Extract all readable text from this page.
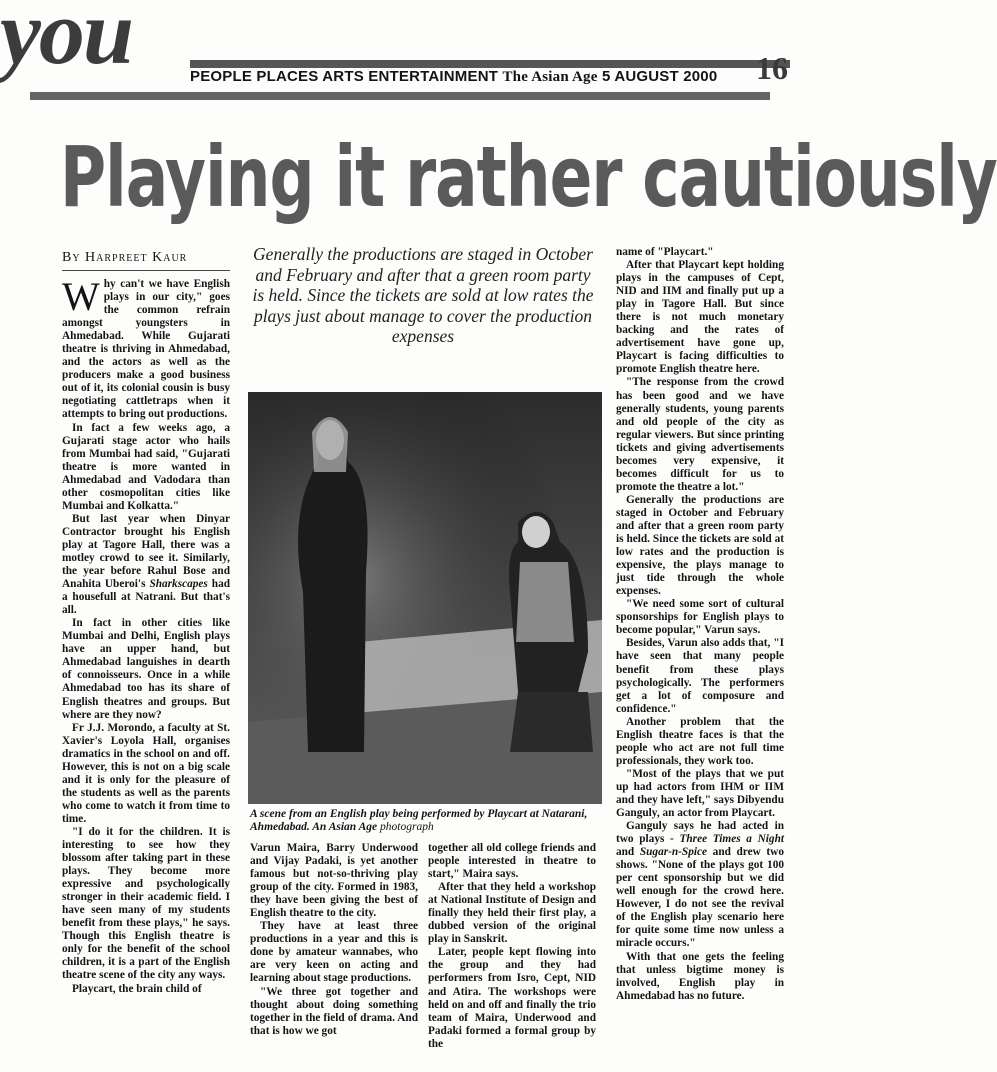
you	PEOPLE PLACES ARTS ENTERTAINMENT The Asian Age 5 AUGUST 2000 16
Playing it rather cautiously
By Harpreet Kaur

Why can't we have English plays in our city," goes the common refrain amongst youngsters in Ahmedabad. While Gujarati theatre is thriving in Ahmedabad, and the actors as well as the producers make a good business out of it, its colonial cousin is busy negotiating cattletraps when it attempts to bring out productions.

In fact a few weeks ago, a Gujarati stage actor who hails from Mumbai had said, "Gujarati theatre is more wanted in Ahmedabad and Vadodara than other cosmopolitan cities like Mumbai and Kolkatta."

But last year when Dinyar Contractor brought his English play at Tagore Hall, there was a motley crowd to see it. Similarly, the year before Rahul Bose and Anahita Uberoi's Sharkscapes had a housefull at Natrani. But that's all.

In fact in other cities like Mumbai and Delhi, English plays have an upper hand, but Ahmedabad languishes in dearth of connoisseurs. Once in a while Ahmedabad too has its share of English theatres and groups. But where are they now?

Fr J.J. Morondo, a faculty at St. Xavier's Loyola Hall, organises dramatics in the school on and off. However, this is not on a big scale and it is only for the pleasure of the students as well as the parents who come to watch it from time to time.

"I do it for the children. It is interesting to see how they blossom after taking part in these plays. They become more expressive and psychologically stronger in their academic field. I have seen many of my students benefit from these plays," he says. Though this English theatre is only for the benefit of the school children, it is a part of the English theatre scene of the city any ways.

Playcart, the brain child of

Generally the productions are staged in October and February and after that a green room party is held. Since the tickets are sold at low rates the plays just about manage to cover the production expenses
A scene from an English play being performed by Playcart at Natarani, Ahmedabad. An Asian Age photograph

Varun Maira, Barry Underwood and Vijay Padaki, is yet another famous but not-so-thriving play group of the city. Formed in 1983, they have been giving the best of English theatre to the city.

They have at least three productions in a year and this is done by amateur wannabes, who are very keen on acting and learning about stage productions.

"We three got together and thought about doing something together in the field of drama. And that is how we got

together all old college friends and people interested in theatre to start," Maira says.

After that they held a workshop at National Institute of Design and finally they held their first play, a dubbed version of the original play in Sanskrit.

Later, people kept flowing into the group and they had performers from Isro, Cept, NID and Atira. The workshops were held on and off and finally the trio team of Maira, Underwood and Padaki formed a formal group by the

name of "Playcart."

After that Playcart kept holding plays in the campuses of Cept, NID and IIM and finally put up a play in Tagore Hall. But since there is not much monetary backing and the rates of advertisement have gone up, Playcart is facing difficulties to promote English theatre here.

"The response from the crowd has been good and we have generally students, young parents and old people of the city as regular viewers. But since printing tickets and giving advertisements becomes very expensive, it becomes difficult for us to promote the theatre a lot."

Generally the productions are staged in October and February and after that a green room party is held. Since the tickets are sold at low rates and the production is expensive, the plays manage to just tide through the whole expenses.

"We need some sort of cultural sponsorships for English plays to become popular," Varun says.

Besides, Varun also adds that, "I have seen that many people benefit from these plays psychologically. The performers get a lot of composure and confidence."

Another problem that the English theatre faces is that the people who act are not full time professionals, they work too.

"Most of the plays that we put up had actors from IHM or IIM and they have left," says Dibyendu Ganguly, an actor from Playcart.

Ganguly says he had acted in two plays - Three Times a Night and Sugar-n-Spice and drew two shows. "None of the plays got 100 per cent sponsorship but we did well enough for the crowd here. However, I do not see the revival of the English play scenario here for quite some time now unless a miracle occurs."

With that one gets the feeling that unless bigtime money is involved, English play in Ahmedabad has no future.
